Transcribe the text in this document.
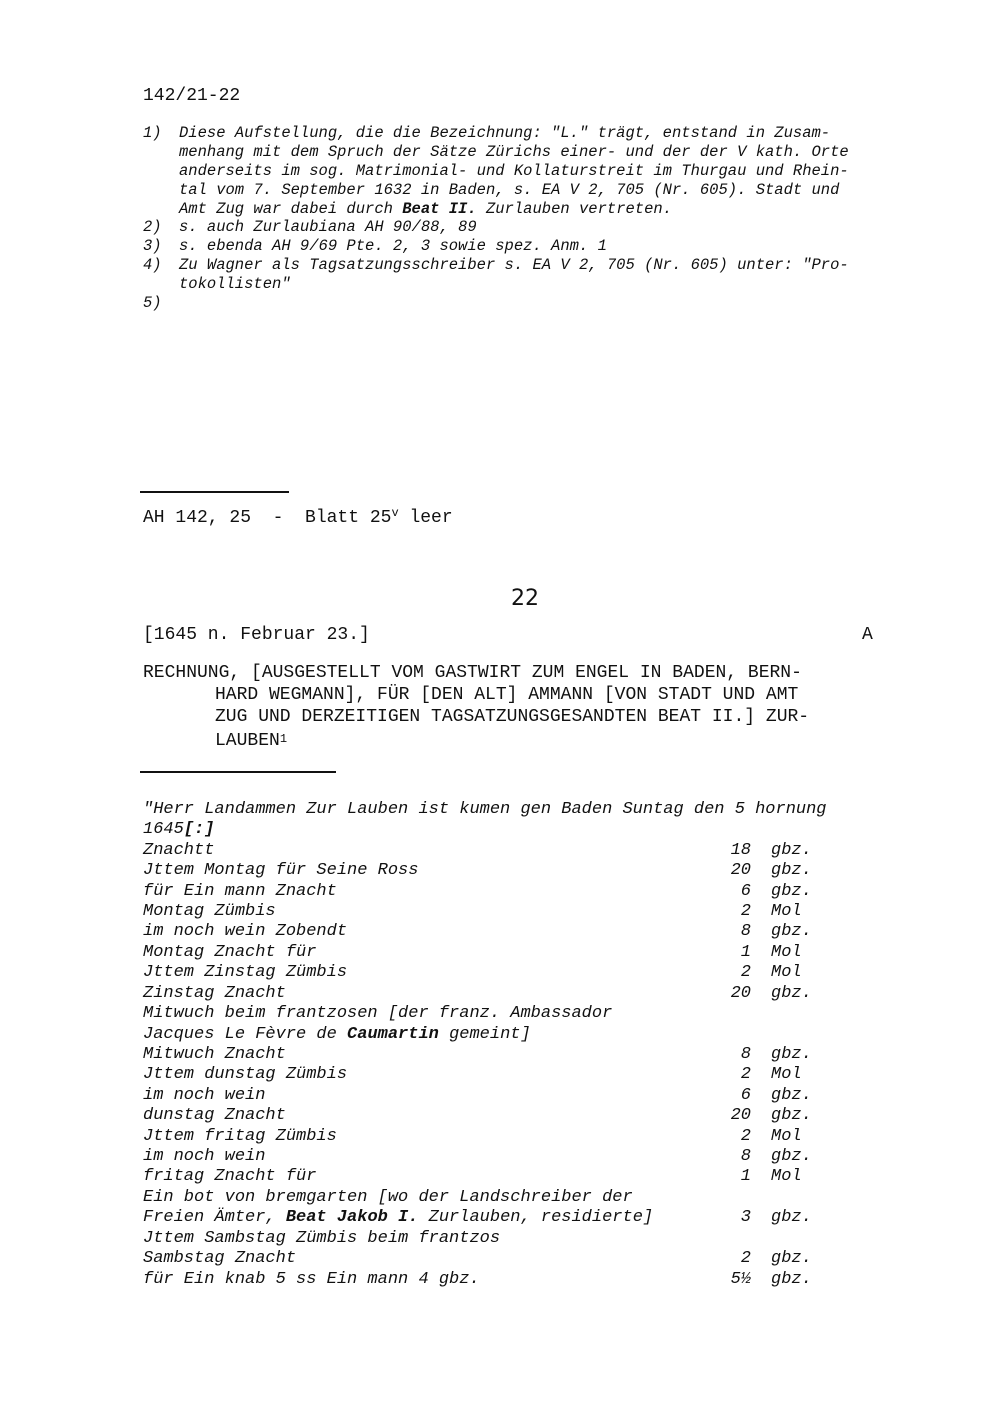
142/21-22
1) Diese Aufstellung, die die Bezeichnung: "L." trägt, entstand in Zusam-
menhang mit dem Spruch der Sätze Zürichs einer- und der der V kath. Orte
anderseits im sog. Matrimonial- und Kollaturstreit im Thurgau und Rhein-
tal vom 7. September 1632 in Baden, s. EA V 2, 705 (Nr. 605). Stadt und
Amt Zug war dabei durch Beat II. Zurlauben vertreten.
2) s. auch Zurlaubiana AH 90/88, 89
3) s. ebenda AH 9/69 Pte. 2, 3 sowie spez. Anm. 1
4) Zu Wagner als Tagsatzungsschreiber s. EA V 2, 705 (Nr. 605) unter: "Pro-
tokollisten"
5)
AH 142, 25  -  Blatt 25$^v$ leer
22
[1645 n. Februar 23.]	A
RECHNUNG, [AUSGESTELLT VOM GASTWIRT ZUM ENGEL IN BADEN, BERN-
HARD WEGMANN], FÜR [DEN ALT] AMMANN [VON STADT UND AMT
ZUG UND DERZEITIGEN TAGSATZUNGSGESANDTEN BEAT II.] ZUR-
LAUBEN$^1$
"Herr Landammen Zur Lauben ist kumen gen Baden Suntag den 5 hornung
1645[:]
Znachtt	18 gbz.
Jttem Montag für Seine Ross	20 gbz.
für Ein mann Znacht	6 gbz.
Montag Zümbis	2 Mol
im noch wein Zobendt	8 gbz.
Montag Znacht für	1 Mol
Jttem Zinstag Zümbis	2 Mol
Zinstag Znacht	20 gbz.
Mitwuch beim frantzosen [der franz. Ambassador
Jacques Le Fèvre de Caumartin gemeint]
Mitwuch Znacht	8 gbz.
Jttem dunstag Zümbis	2 Mol
im noch wein	6 gbz.
dunstag Znacht	20 gbz.
Jttem fritag Zümbis	2 Mol
im noch wein	8 gbz.
fritag Znacht für	1 Mol
Ein bot von bremgarten [wo der Landschreiber der
Freien Ämter, Beat Jakob I. Zurlauben, residierte]	3 gbz.
Jttem Sambstag Zümbis beim frantzos
Sambstag Znacht	2 gbz.
für Ein knab 5 ss Ein mann 4 gbz.	5½ gbz.
